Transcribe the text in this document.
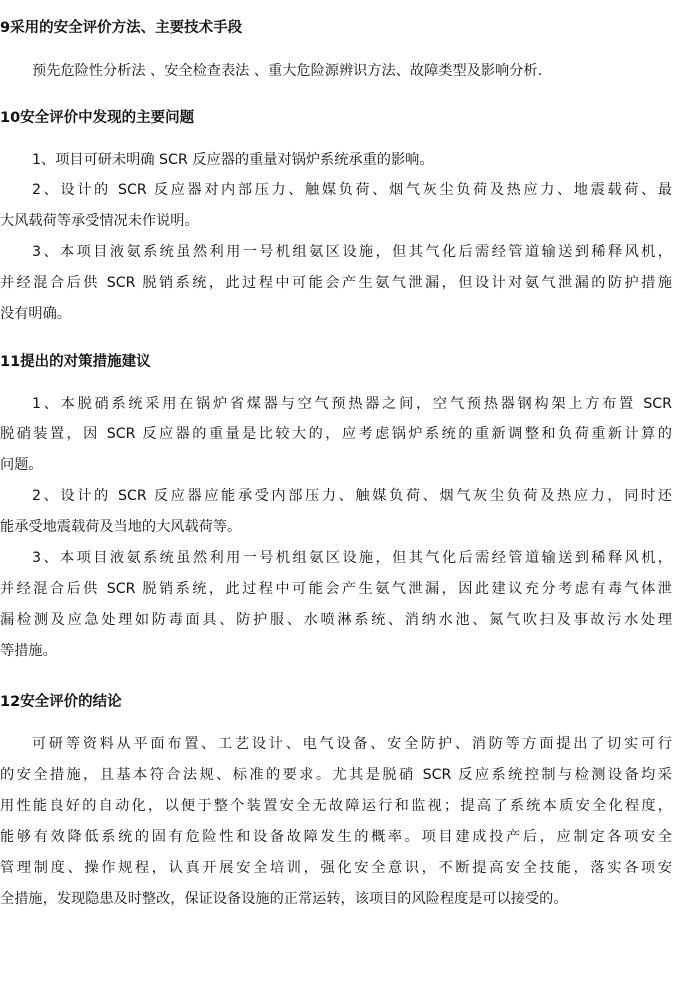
9采用的安全评价方法、主要技术手段
预先危险性分析法 、安全检查表法 、重大危险源辨识方法、故障类型及影响分析.
10安全评价中发现的主要问题
1、项目可研未明确 SCR 反应器的重量对锅炉系统承重的影响。
2、设计的 SCR 反应器对内部压力、触媒负荷、烟气灰尘负荷及热应力、地震载荷、最
大风载荷等承受情况未作说明。
3、本项目液氨系统虽然利用一号机组氨区设施，但其气化后需经管道输送到稀释风机，
并经混合后供 SCR 脱销系统，此过程中可能会产生氨气泄漏，但设计对氨气泄漏的防护措施
没有明确。
11提出的对策措施建议
1、本脱硝系统采用在锅炉省煤器与空气预热器之间，空气预热器钢构架上方布置 SCR
脱硝装置，因 SCR 反应器的重量是比较大的，应考虑锅炉系统的重新调整和负荷重新计算的
问题。
2、设计的 SCR 反应器应能承受内部压力、触媒负荷、烟气灰尘负荷及热应力，同时还
能承受地震载荷及当地的大风载荷等。
3、本项目液氨系统虽然利用一号机组氨区设施，但其气化后需经管道输送到稀释风机，
并经混合后供 SCR 脱销系统，此过程中可能会产生氨气泄漏，因此建议充分考虑有毒气体泄
漏检测及应急处理如防毒面具、防护服、水喷淋系统、消纳水池、氮气吹扫及事故污水处理
等措施。
12安全评价的结论
可研等资料从平面布置、工艺设计、电气设备、安全防护、消防等方面提出了切实可行
的安全措施，且基本符合法规、标准的要求。尤其是脱硝 SCR 反应系统控制与检测设备均采
用性能良好的自动化，以便于整个装置安全无故障运行和监视；提高了系统本质安全化程度，
能够有效降低系统的固有危险性和设备故障发生的概率。项目建成投产后，应制定各项安全
管理制度、操作规程，认真开展安全培训，强化安全意识，不断提高安全技能，落实各项安
全措施，发现隐患及时整改，保证设备设施的正常运转，该项目的风险程度是可以接受的。
